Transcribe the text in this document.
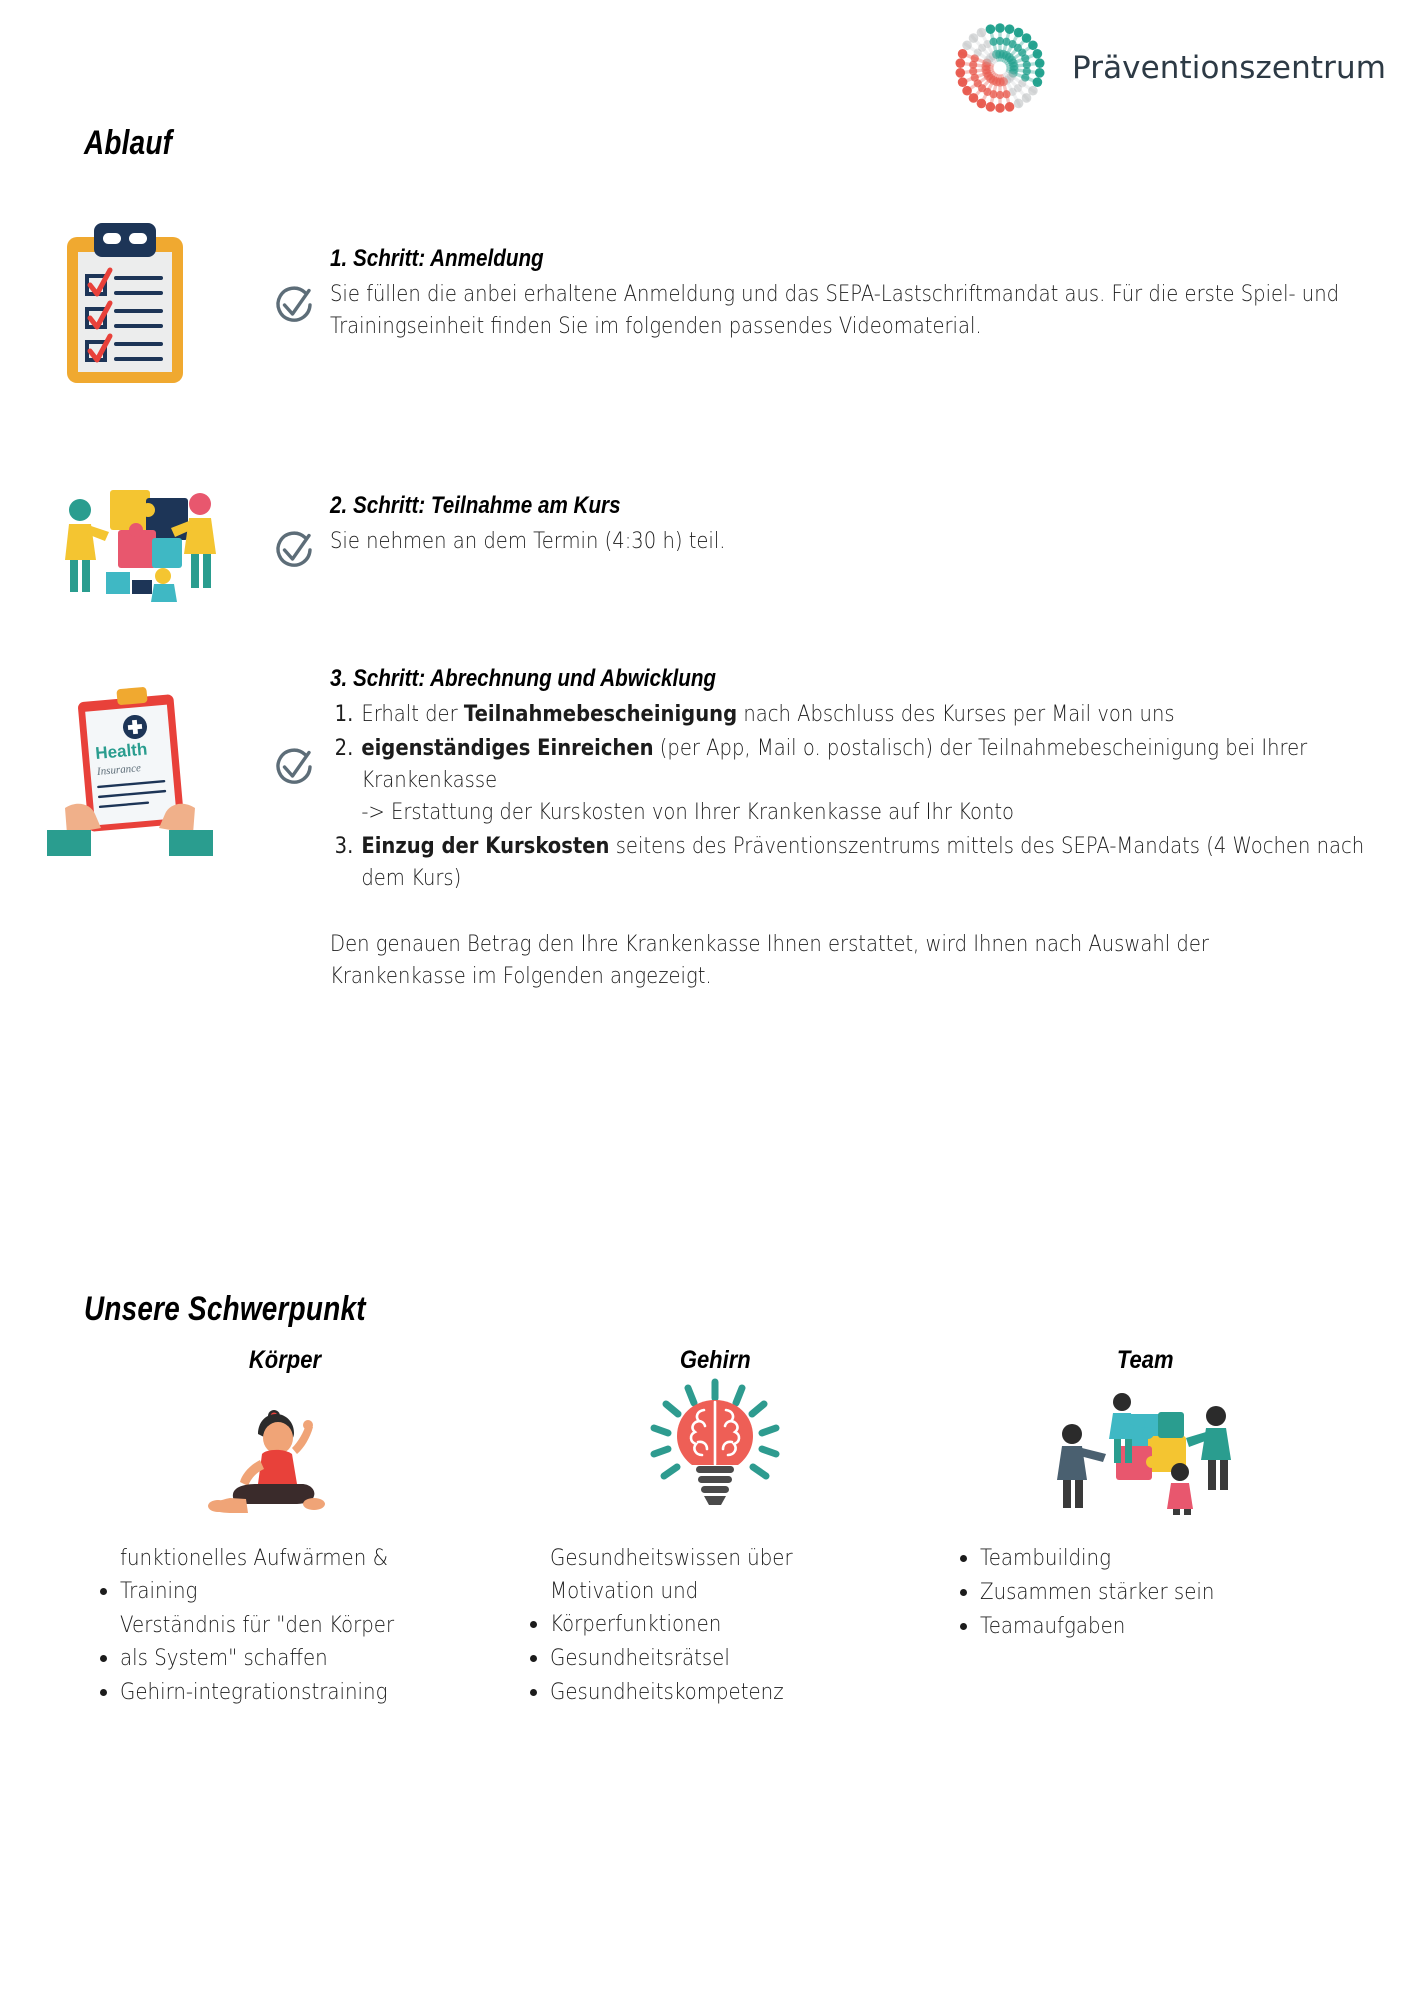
Präventionszentrum
Ablauf
1. Schritt: Anmeldung

Sie füllen die anbei erhaltene Anmeldung und das SEPA-Lastschriftmandat aus. Für die erste Spiel- und Trainingseinheit finden Sie im folgenden passendes Videomaterial.

2. Schritt: Teilnahme am Kurs

Sie nehmen an dem Termin (4:30 h) teil.

Health
Insurance
3. Schritt: Abrechnung und Abwicklung
1. Erhalt der Teilnahmebescheinigung nach Abschluss des Kurses per Mail von uns
2. eigenständiges Einreichen (per App, Mail o. postalisch) der Teilnahmebescheinigung bei Ihrer Krankenkasse
-> Erstattung der Kurskosten von Ihrer Krankenkasse auf Ihr Konto
3. Einzug der Kurskosten seitens des Präventionszentrums mittels des SEPA-Mandats (4 Wochen nach dem Kurs)

Den genauen Betrag den Ihre Krankenkasse Ihnen erstattet, wird Ihnen nach Auswahl der Krankenkasse im Folgenden angezeigt.

Unsere Schwerpunkt
Körper
• funktionelles Aufwärmen & Training
• Verständnis für "den Körper als System" schaffen
• Gehirn-integrationstraining
Gehirn
• Gesundheitswissen über Motivation und Körperfunktionen
• Gesundheitsrätsel
• Gesundheitskompetenz
Team
• Teambuilding
• Zusammen stärker sein
• Teamaufgaben
